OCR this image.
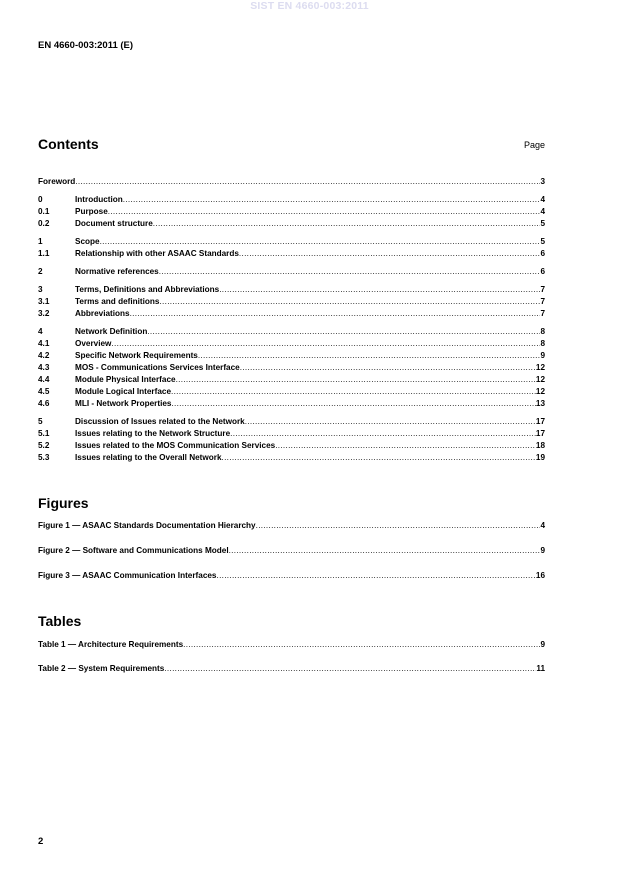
SIST EN 4660-003:2011
EN 4660-003:2011 (E)
Contents	Page
Foreword .....	3
0	Introduction .....	4
0.1	Purpose .....	4
0.2	Document structure .....	5
1	Scope .....	5
1.1	Relationship with other ASAAC Standards .....	6
2	Normative references .....	6
3	Terms, Definitions and Abbreviations .....	7
3.1	Terms and definitions .....	7
3.2	Abbreviations .....	7
4	Network Definition .....	8
4.1	Overview .....	8
4.2	Specific Network Requirements .....	9
4.3	MOS - Communications Services Interface .....	12
4.4	Module Physical Interface .....	12
4.5	Module Logical Interface .....	12
4.6	MLI - Network Properties .....	13
5	Discussion of Issues related to the Network .....	17
5.1	Issues relating to the Network Structure .....	17
5.2	Issues related to the MOS Communication Services .....	18
5.3	Issues relating to the Overall Network .....	19
Figures
Figure 1 — ASAAC Standards Documentation Hierarchy .....	4
Figure 2 — Software and Communications Model .....	9
Figure 3 — ASAAC Communication Interfaces .....	16
Tables
Table 1 — Architecture Requirements .....	9
Table 2 — System Requirements .....	11
2
